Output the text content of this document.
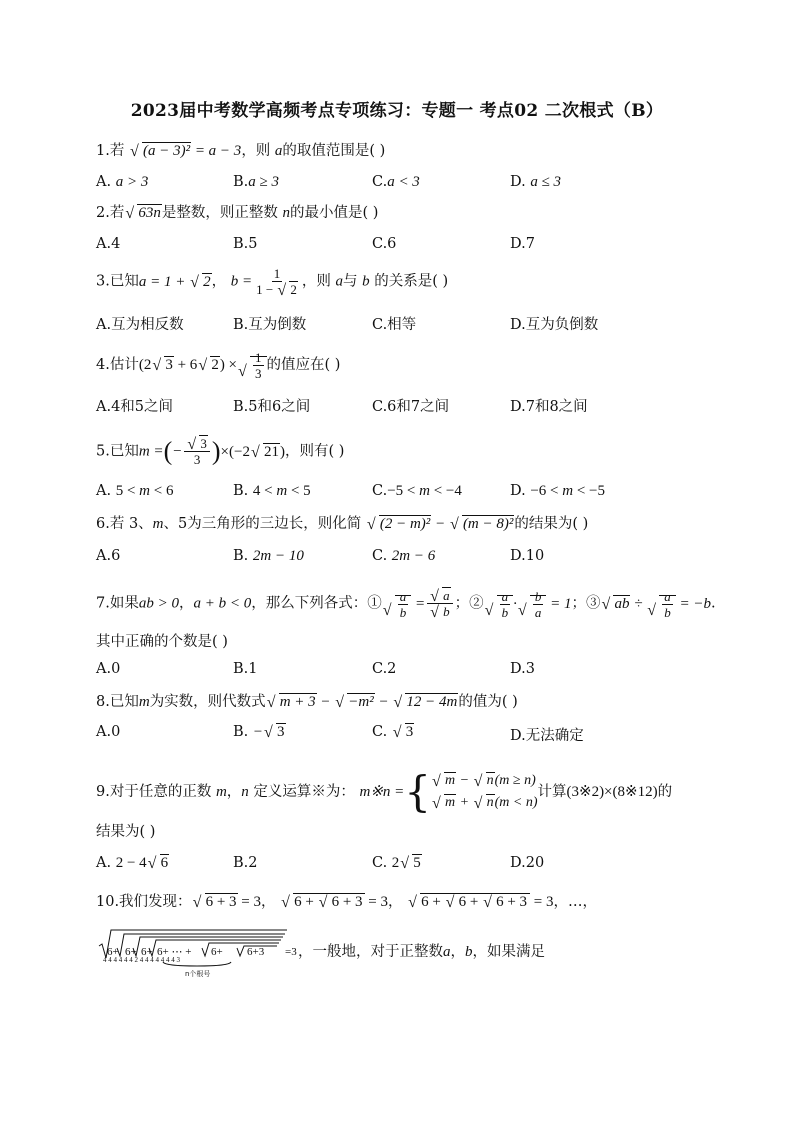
2023届中考数学高频考点专项练习：专题一 考点02 二次根式（B）
1.若 √ (a − 3)² = a − 3，则 a的取值范围是( )
A. a > 3	B.a ≥ 3	C.a < 3	D. a ≤ 3
2.若√ 63n是整数，则正整数 n的最小值是( )
A.4	B.5	C.6	D.7
3.已知a = 1 + √ 2， $b = \frac{1}{1 - √ 2}$ ，则 a与 b 的关系是( )
A.互为相反数	B.互为倒数	C.相等	D.互为负倒数
4.估计(2√ 3 + 6√ 2) ×
√ $\frac{1}{3}$ 的值应在( )
A.4和5之间	B.5和6之间	C.6和7之间	D.7和8之间
5.已知m =(−
√ $\frac{3}{3} )\times(-2√$ 21)，则有( )
A. 5 < m < 6	B. 4 < m < 5	C.−5 < m < −4	D. −6 < m < −5
6.若 3、m、5为三角形的三边长，则化简 √ (2 − m)² − √ (m − 8)²的结果为( )
A.6	B. 2m − 10	C. 2m − 6	D.10
7.如果ab > 0，a + b < 0，那么下列各式：①
√ $\frac{a}{b}$ =
√ a
√ b ；②
√ $\frac{a}{b}$ ·
√ $\frac{b}{a} = 1$；③√ ab ÷
√ $\frac{a}{b} = -b$.
其中正确的个数是( )
A.0	B.1	C.2	D.3
8.已知m为实数，则代数式√ m + 3 − √ −m² − √ 12 − 4m的值为( )
A.0	B. −√ 3	C. √ 3	D.无法确定
9.对于任意的正数 m，n 定义运算※为： m※n ={
√	m − √ n(m ≥ n)
√ m + √ n(m < n)
计算(3※2)×(8※12)的
结果为( )
A. 2 − 4√ 6	B.2	C. 2√ 5	D.20
10.我们发现：√ 6 + 3 = 3， √ 6 + √ 6 + 3 = 3， √ 6 + √ 6 + √ 6 + 3 = 3，…，
6+ 6+ 6+ 6+ ⋯ + 6+ 6+3 =3
4 4 4 4 4 4 2 4 4 4 4 4 4 4 3
n个根号
，一般地，对于正整数a，b，如果满足
